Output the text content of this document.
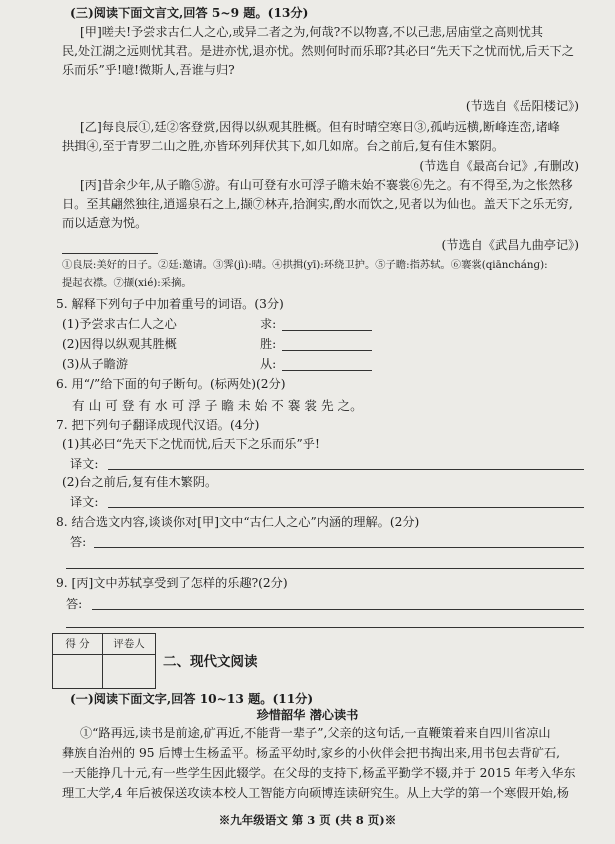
(三)阅读下面文言文,回答 5~9 题。(13分)
[甲]嗟夫!予尝求古仁人之心,或异二者之为,何哉?不以物喜,不以己悲,居庙堂之高则忧其
民,处江湖之远则忧其君。是进亦忧,退亦忧。然则何时而乐耶?其必曰“先天下之忧而忧,后天下之
乐而乐”乎!噫!微斯人,吾谁与归?
(节选自《岳阳楼记》)
[乙]每良辰①,廷②客登赏,因得以纵观其胜概。但有时晴空寒日③,孤屿远横,断峰连峦,诸峰
拱揖④,至于青罗二山之胜,亦皆环列拜伏其下,如几如席。台之前后,复有佳木繁阴。
(节选自《最高台记》,有删改)
[丙]昔余少年,从子瞻⑤游。有山可登有水可浮子瞻未始不褰裳⑥先之。有不得至,为之怅然移
日。至其翩然独往,逍遥泉石之上,撷⑦林卉,拾涧实,酌水而饮之,见者以为仙也。盖天下之乐无穷,
而以适意为悦。
(节选自《武昌九曲亭记》)
①良辰:美好的日子。②廷:邀请。③霁(jì):晴。④拱揖(yī):环绕卫护。⑤子瞻:指苏轼。⑥褰裳(qiānchánɡ):
提起衣襟。⑦撷(xié):采摘。
5. 解释下列句子中加着重号的词语。(3分)
(1)予尝求古仁人之心	求:
(2)因得以纵观其胜概	胜:
(3)从子瞻游	从:
6. 用“/”给下面的句子断句。(标两处)(2分)
有 山 可 登 有 水 可 浮 子 瞻 未 始 不 褰 裳 先 之。
7. 把下列句子翻译成现代汉语。(4分)
(1)其必曰“先天下之忧而忧,后天下之乐而乐”乎!
译文:
(2)台之前后,复有佳木繁阴。
译文:
8. 结合选文内容,谈谈你对[甲]文中“古仁人之心”内涵的理解。(2分)
答:
9. [丙]文中苏轼享受到了怎样的乐趣?(2分)
答:
得 分	评卷人
二、现代文阅读
(一)阅读下面文字,回答 10~13 题。(11分)
珍惜韶华 潜心读书
①“路再远,读书是前途,矿再近,不能背一辈子”,父亲的这句话,一直鞭策着来自四川省凉山
彝族自治州的 95 后博士生杨孟平。杨孟平幼时,家乡的小伙伴会把书掏出来,用书包去背矿石,
一天能挣几十元,有一些学生因此辍学。在父母的支持下,杨孟平勤学不辍,并于 2015 年考入华东
理工大学,4 年后被保送攻读本校人工智能方向硕博连读研究生。从上大学的第一个寒假开始,杨
※九年级语文 第 3 页 (共 8 页)※
